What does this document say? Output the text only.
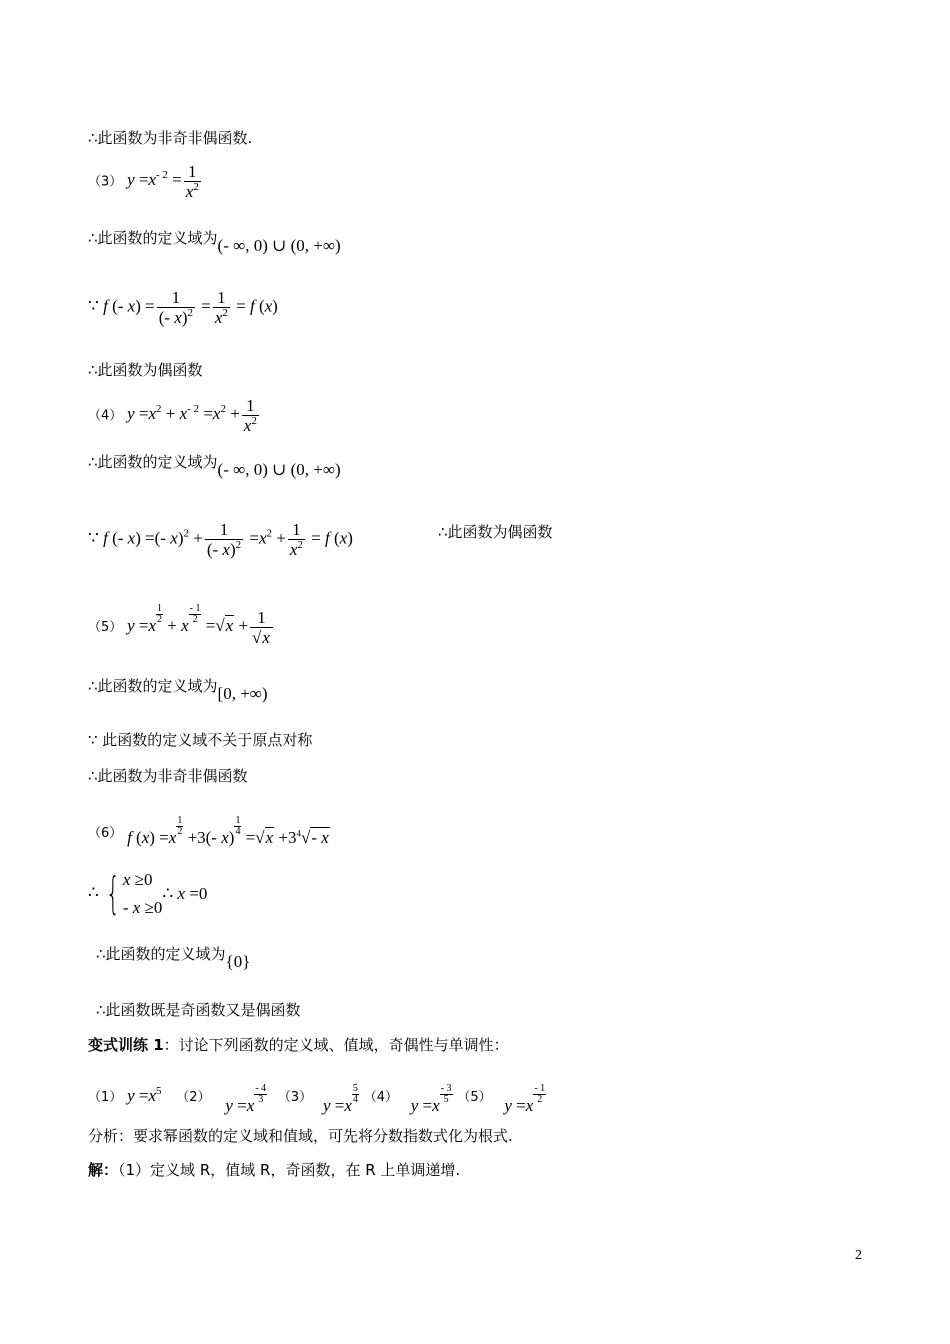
∴此函数为非奇非偶函数.
（3） $y =x^{- 2} = \frac{1}{x^2}$
∴此函数的定义域为(- ∞, 0) ∪ (0, +∞)
∵ f (- $x) = \frac{1}{(- x)^2} = \frac{1}{x^2} = f$ (x)
∴此函数为偶函数
（4） $y =x^2 + x^{- 2} =x^2 + \frac{1}{x^2}$
∴此函数的定义域为(- ∞, 0) ∪ (0, +∞)
∵ f (- x) =(- $x)^2 + \frac{1}{(- x)^2} =x^2 + \frac{1}{x^2} = f$ (x)	∴此函数为偶函数
（5） y =x
$\frac{1}{2}$
+ x
$\frac{- 1}{2}$
$=√x + \frac{1}{√x}$
∴此函数的定义域为[0, +∞)
∵ 此函数的定义域不关于原点对称
∴此函数为非奇非偶函数
（6） f (x) =x
$\frac{1}{2}$
+3(- x)
$\frac{1}{4}$
$=√x +3^4√-$ x
∴ { x ≥0
- x ≥0
∴ x =0
∴此函数的定义域为{0}
∴此函数既是奇函数又是偶函数
变式训练 1：讨论下列函数的定义域、值域，奇偶性与单调性：
（1） $y =x^5$ （2） y =x
$\frac{- 4}{3} (3)$ y =x
$\frac{5}{4} (4)$ y =x
$\frac{- 3}{5} (5)$ y =x
$\frac{- 1}{2}$
分析：要求幂函数的定义域和值域，可先将分数指数式化为根式.
解：（1）定义域 R，值域 R，奇函数，在 R 上单调递增.
2
